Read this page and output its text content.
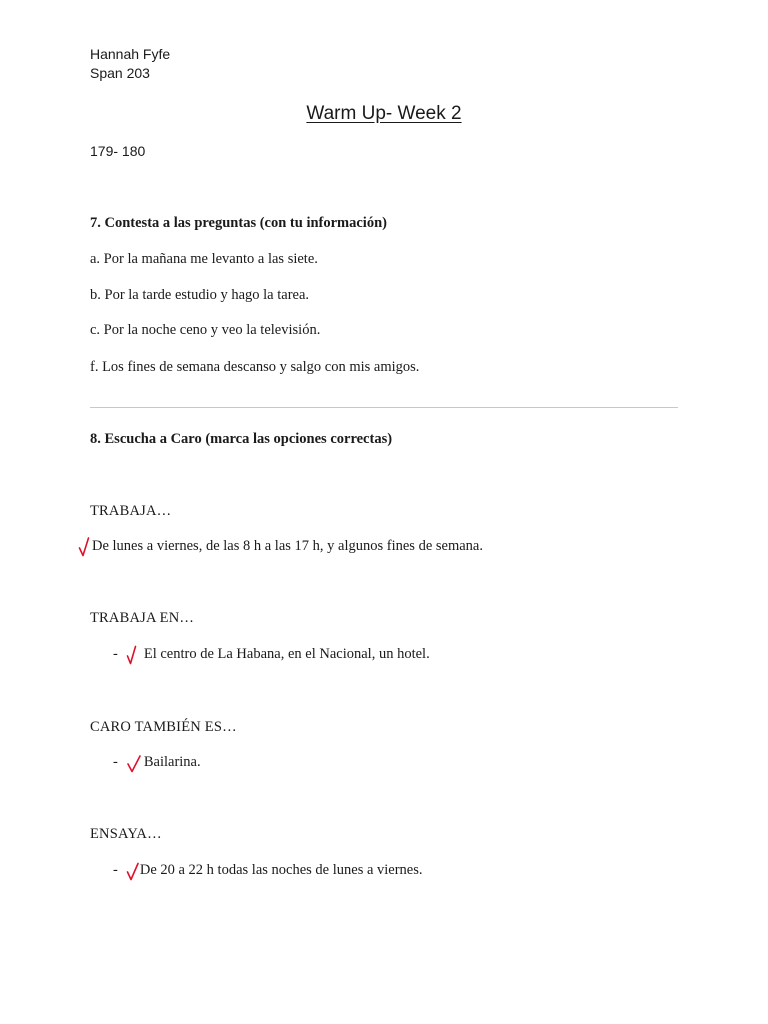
Hannah Fyfe
Span 203
Warm Up- Week 2
179- 180
7. Contesta a las preguntas (con tu información)
a. Por la mañana me levanto a las siete.
b. Por la tarde estudio y hago la tarea.
c. Por la noche ceno y veo la televisión.
f. Los fines de semana descanso y salgo con mis amigos.
8. Escucha a Caro (marca las opciones correctas)
TRABAJA…
De lunes a viernes, de las 8 h a las 17 h, y algunos fines de semana.
TRABAJA EN…
- El centro de La Habana, en el Nacional, un hotel.
CARO TAMBIÉN ES…
- Bailarina.
ENSAYA…
- De 20 a 22 h todas las noches de lunes a viernes.
